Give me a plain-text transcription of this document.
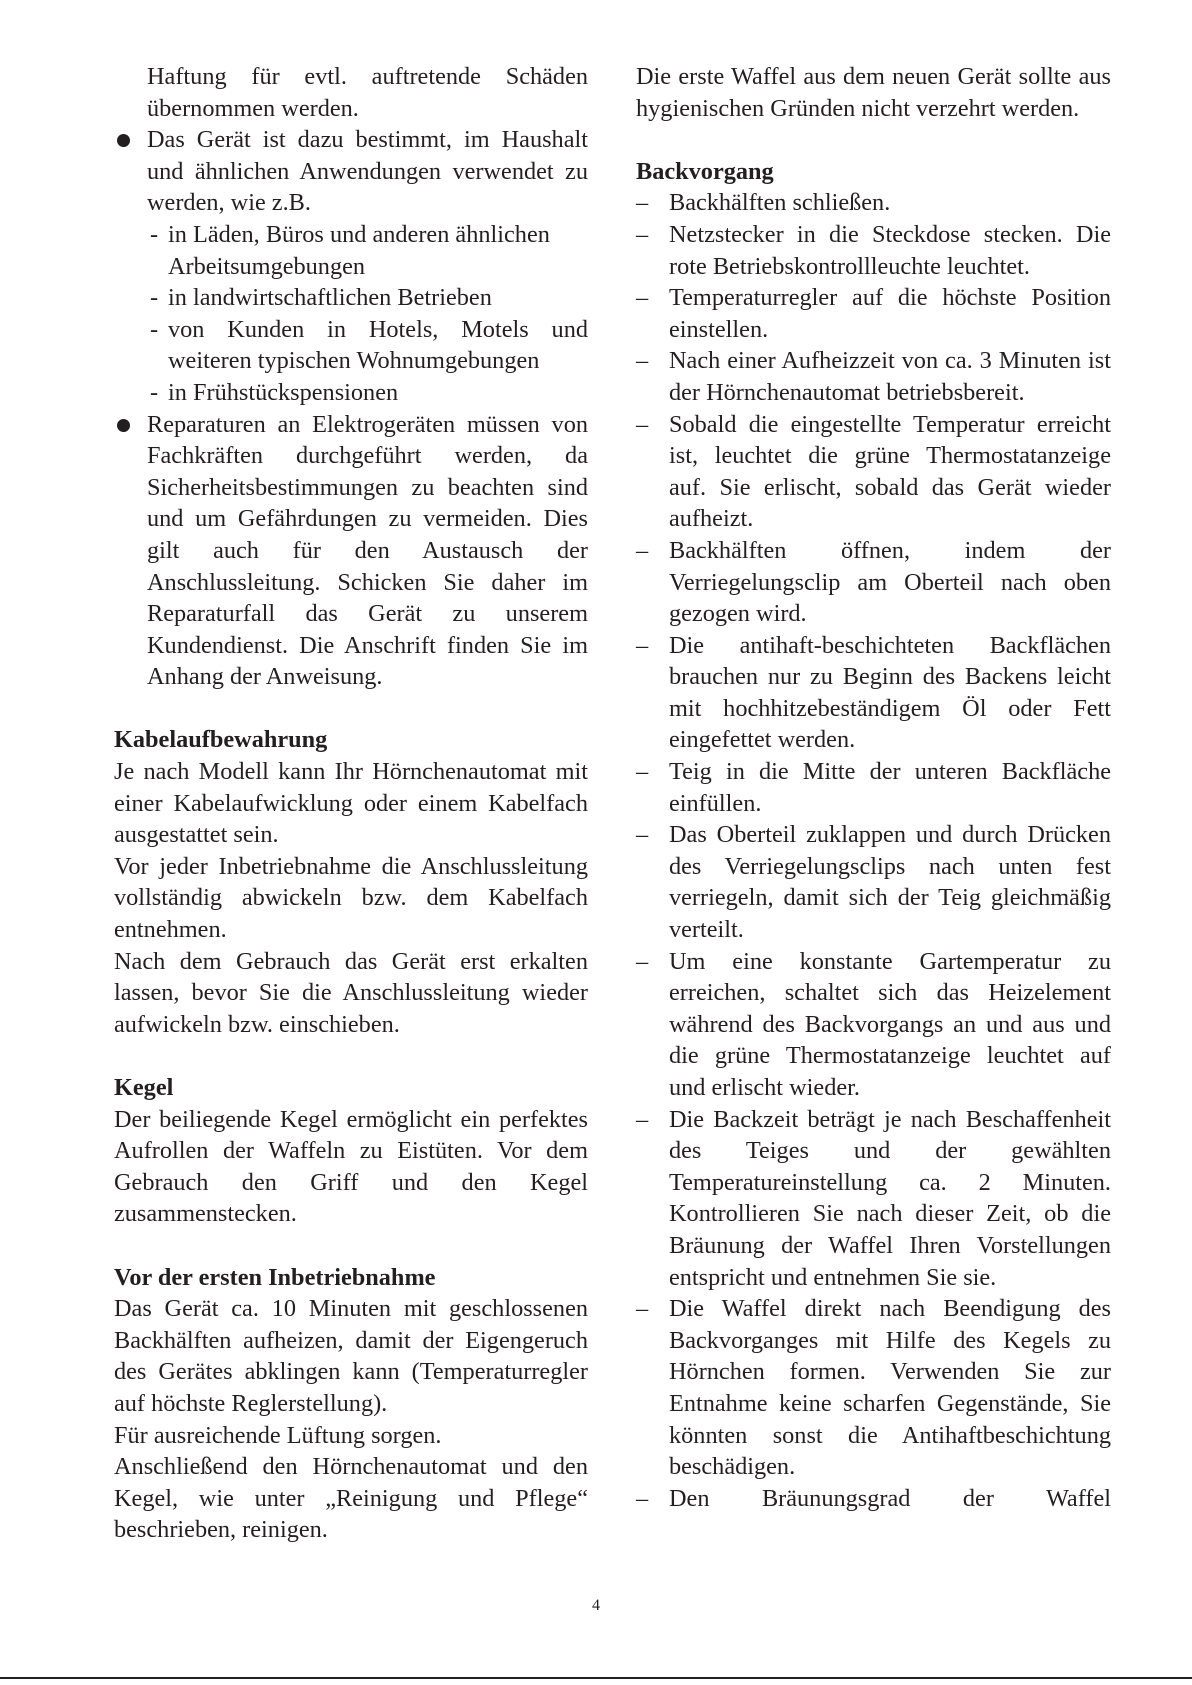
Haftung für evtl. auftretende Schäden übernommen werden.

Das Gerät ist dazu bestimmt, im Haushalt und ähnlichen Anwendungen verwendet zu werden, wie z.B.

- in Läden, Büros und anderen ähnlichen Arbeitsumgebungen

- in landwirtschaftlichen Betrieben

- von Kunden in Hotels, Motels und weiteren typischen Wohnumgebungen

- in Frühstückspensionen

Reparaturen an Elektrogeräten müssen von Fachkräften durchgeführt werden, da Sicherheitsbestimmungen zu beachten sind und um Gefährdungen zu vermeiden. Dies gilt auch für den Austausch der Anschlussleitung. Schicken Sie daher im Reparaturfall das Gerät zu unserem Kundendienst. Die Anschrift finden Sie im Anhang der Anweisung.

Kabelaufbewahrung

Je nach Modell kann Ihr Hörnchenautomat mit einer Kabelaufwicklung oder einem Kabelfach ausgestattet sein.

Vor jeder Inbetriebnahme die Anschlussleitung vollständig abwickeln bzw. dem Kabelfach entnehmen.

Nach dem Gebrauch das Gerät erst erkalten lassen, bevor Sie die Anschlussleitung wieder aufwickeln bzw. einschieben.

Kegel

Der beiliegende Kegel ermöglicht ein perfektes Aufrollen der Waffeln zu Eistüten. Vor dem Gebrauch den Griff und den Kegel zusammenstecken.

Vor der ersten Inbetriebnahme

Das Gerät ca. 10 Minuten mit geschlossenen Backhälften aufheizen, damit der Eigengeruch des Gerätes abklingen kann (Temperaturregler auf höchste Reglerstellung).

Für ausreichende Lüftung sorgen.

Anschließend den Hörnchenautomat und den Kegel, wie unter „Reinigung und Pflege“ beschrieben, reinigen.

Die erste Waffel aus dem neuen Gerät sollte aus hygienischen Gründen nicht verzehrt werden.

Backvorgang

– Backhälften schließen.

– Netzstecker in die Steckdose stecken. Die rote Betriebskontrollleuchte leuchtet.

– Temperaturregler auf die höchste Position einstellen.

– Nach einer Aufheizzeit von ca. 3 Minuten ist der Hörnchenautomat betriebsbereit.

– Sobald die eingestellte Temperatur erreicht ist, leuchtet die grüne Thermostatanzeige auf. Sie erlischt, sobald das Gerät wieder aufheizt.

– Backhälften öffnen, indem der Verriegelungsclip am Oberteil nach oben gezogen wird.

– Die antihaft-beschichteten Backflächen brauchen nur zu Beginn des Backens leicht mit hochhitzebeständigem Öl oder Fett eingefettet werden.

– Teig in die Mitte der unteren Backfläche einfüllen.

– Das Oberteil zuklappen und durch Drücken des Verriegelungsclips nach unten fest verriegeln, damit sich der Teig gleichmäßig verteilt.

– Um eine konstante Gartemperatur zu erreichen, schaltet sich das Heizelement während des Backvorgangs an und aus und die grüne Thermostatanzeige leuchtet auf und erlischt wieder.

– Die Backzeit beträgt je nach Beschaffenheit des Teiges und der gewählten Temperatureinstellung ca. 2 Minuten. Kontrollieren Sie nach dieser Zeit, ob die Bräunung der Waffel Ihren Vorstellungen entspricht und entnehmen Sie sie.

– Die Waffel direkt nach Beendigung des Backvorganges mit Hilfe des Kegels zu Hörnchen formen. Verwenden Sie zur Entnahme keine scharfen Gegenstände, Sie könnten sonst die Antihaftbeschichtung beschädigen.

– Den Bräunungsgrad der Waffel

4
